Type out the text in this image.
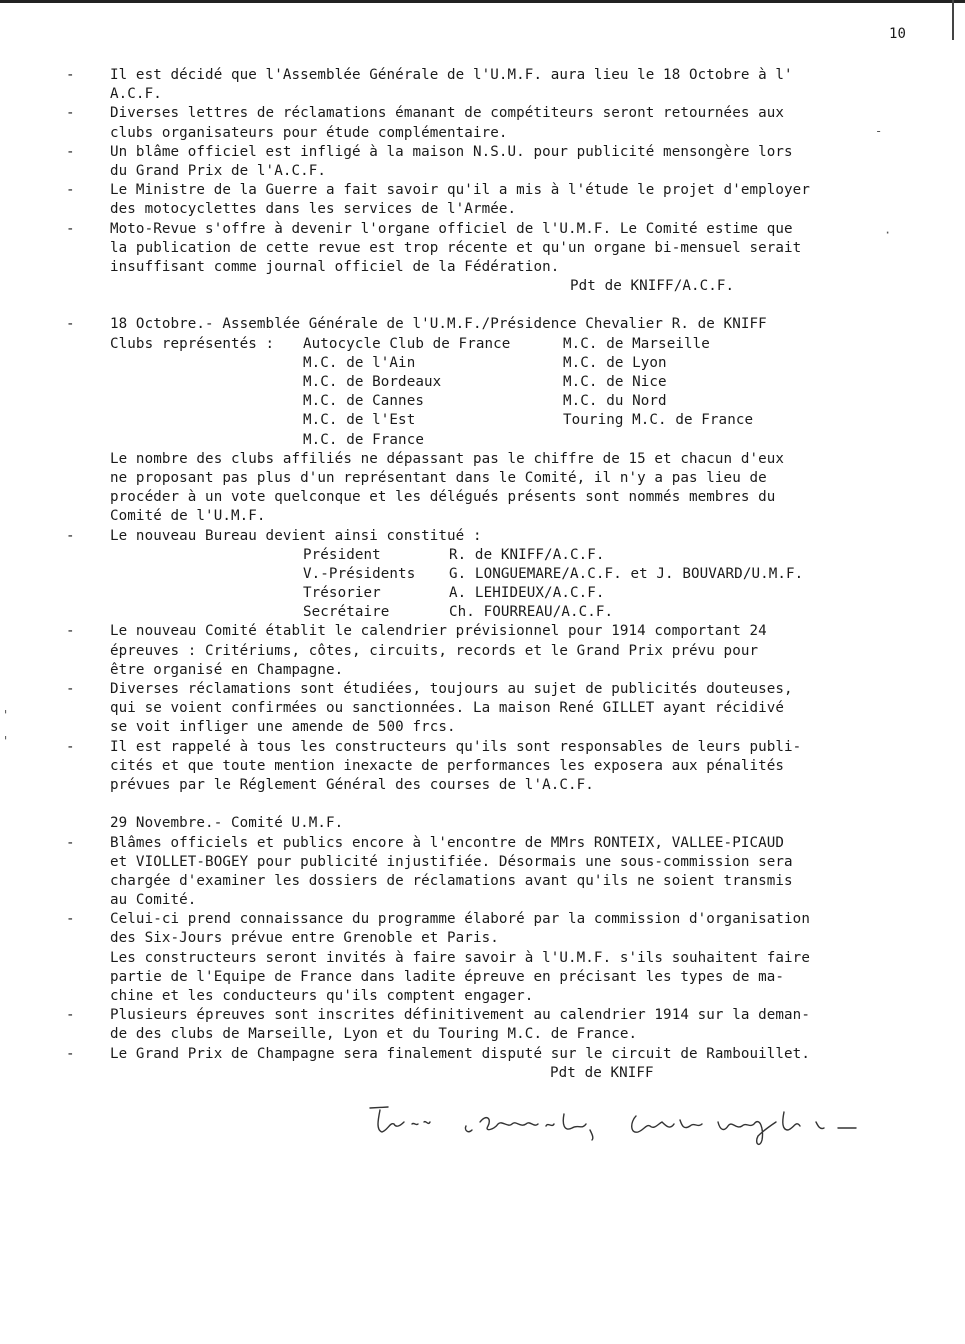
10
- Il est décidé que l'Assemblée Générale de l'U.M.F. aura lieu le 18 Octobre à l'
A.C.F.
- Diverses lettres de réclamations émanant de compétiteurs seront retournées aux
clubs organisateurs pour étude complémentaire.
- Un blâme officiel est infligé à la maison N.S.U. pour publicité mensongère lors
du Grand Prix de l'A.C.F.
- Le Ministre de la Guerre a fait savoir qu'il a mis à l'étude le projet d'employer
des motocyclettes dans les services de l'Armée.
- Moto-Revue s'offre à devenir l'organe officiel de l'U.M.F. Le Comité estime que
la publication de cette revue est trop récente et qu'un organe bi-mensuel serait
insuffisant comme journal officiel de la Fédération.
Pdt de KNIFF/A.C.F.
- 18 Octobre.- Assemblée Générale de l'U.M.F./Présidence Chevalier R. de KNIFF

Clubs représentés :

Autocycle Club de France

	M.C. de Marseille

M.C. de l'Ain

	M.C. de Lyon

M.C. de Bordeaux

	M.C. de Nice

M.C. de Cannes

	M.C. du Nord

M.C. de l'Est

	Touring M.C. de France

M.C. de France

Le nombre des clubs affiliés ne dépassant pas le chiffre de 15 et chacun d'eux
ne proposant pas plus d'un représentant dans le Comité, il n'y a pas lieu de
procéder à un vote quelconque et les délégués présents sont nommés membres du
Comité de l'U.M.F.
- Le nouveau Bureau devient ainsi constitué :

Président

	R. de KNIFF/A.C.F.

V.-Présidents

G. LONGUEMARE/A.C.F. et J. BOUVARD/U.M.F.

Trésorier

	A. LEHIDEUX/A.C.F.

Secrétaire

	Ch. FOURREAU/A.C.F.

- Le nouveau Comité établit le calendrier prévisionnel pour 1914 comportant 24
épreuves : Critériums, côtes, circuits, records et le Grand Prix prévu pour
être organisé en Champagne.
- Diverses réclamations sont étudiées, toujours au sujet de publicités douteuses,
qui se voient confirmées ou sanctionnées. La maison René GILLET ayant récidivé
se voit infliger une amende de 500 frcs.
- Il est rappelé à tous les constructeurs qu'ils sont responsables de leurs publi-
cités et que toute mention inexacte de performances les exposera aux pénalités
prévues par le Réglement Général des courses de l'A.C.F.
29 Novembre.- Comité U.M.F.
- Blâmes officiels et publics encore à l'encontre de MMrs RONTEIX, VALLEE-PICAUD
et VIOLLET-BOGEY pour publicité injustifiée. Désormais une sous-commission sera
chargée d'examiner les dossiers de réclamations avant qu'ils ne soient transmis
au Comité.
- Celui-ci prend connaissance du programme élaboré par la commission d'organisation
des Six-Jours prévue entre Grenoble et Paris.
Les constructeurs seront invités à faire savoir à l'U.M.F. s'ils souhaitent faire
partie de l'Equipe de France dans ladite épreuve en précisant les types de ma-
chine et les conducteurs qu'ils comptent engager.
- Plusieurs épreuves sont inscrites définitivement au calendrier 1914 sur la deman-
de des clubs de Marseille, Lyon et du Touring M.C. de France.
- Le Grand Prix de Champagne sera finalement disputé sur le circuit de Rambouillet.
Pdt de KNIFF
'
'
-
·
